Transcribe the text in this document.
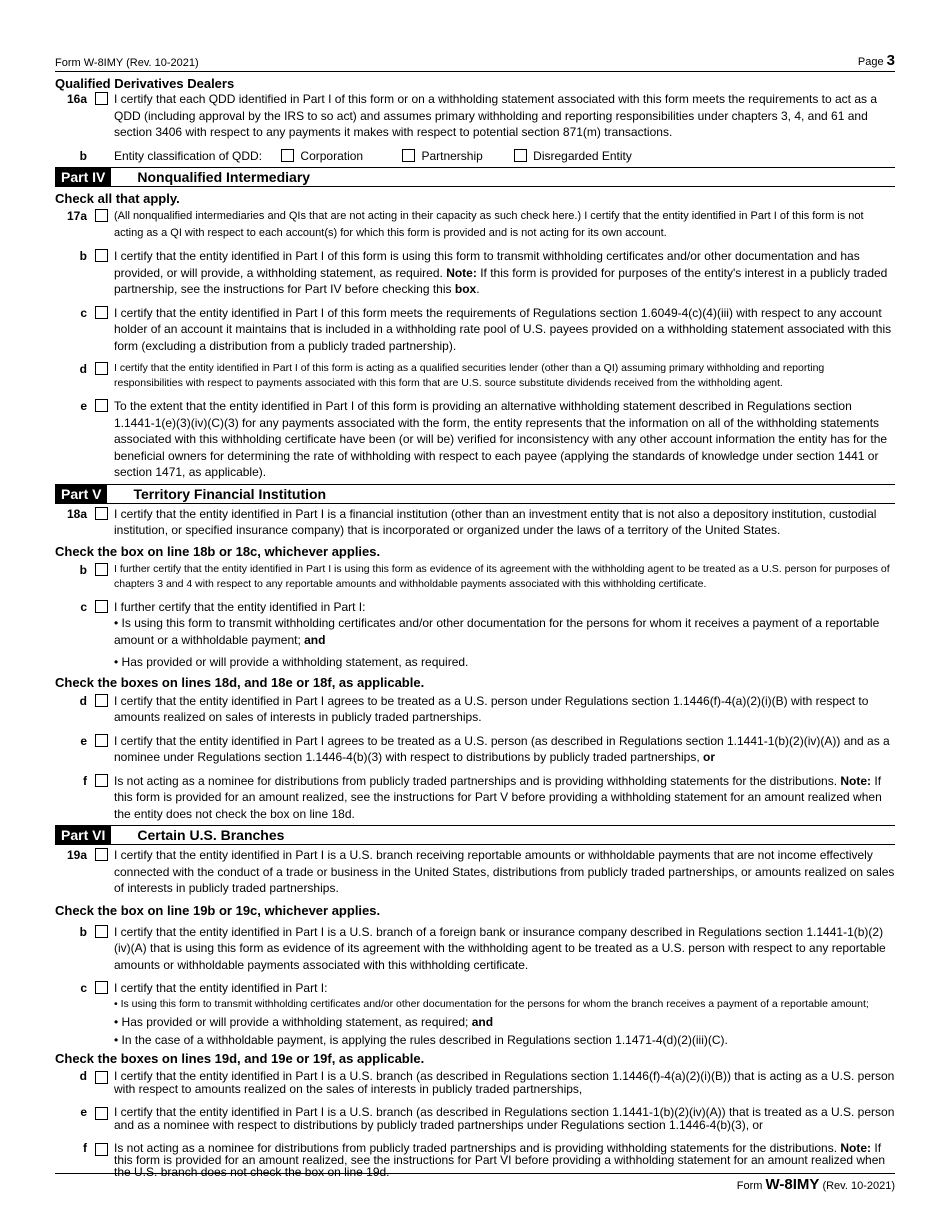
Form W-8IMY (Rev. 10-2021)	Page 3
Qualified Derivatives Dealers
16a	I certify that each QDD identified in Part I of this form or on a withholding statement associated with this form meets the requirements to act as a QDD (including approval by the IRS to so act) and assumes primary withholding and reporting responsibilities under chapters 3, 4, and 61 and section 3406 with respect to any payments it makes with respect to potential section 871(m) transactions.
b	Entity classification of QDD:	Corporation	Partnership	Disregarded Entity
Part IV	Nonqualified Intermediary
Check all that apply.
17a	(All nonqualified intermediaries and QIs that are not acting in their capacity as such check here.) I certify that the entity identified in Part I of this form is not acting as a QI with respect to each account(s) for which this form is provided and is not acting for its own account.
b	I certify that the entity identified in Part I of this form is using this form to transmit withholding certificates and/or other documentation and has provided, or will provide, a withholding statement, as required. Note: If this form is provided for purposes of the entity's interest in a publicly traded partnership, see the instructions for Part IV before checking this box.
c	I certify that the entity identified in Part I of this form meets the requirements of Regulations section 1.6049-4(c)(4)(iii) with respect to any account holder of an account it maintains that is included in a withholding rate pool of U.S. payees provided on a withholding statement associated with this form (excluding a distribution from a publicly traded partnership).
d	I certify that the entity identified in Part I of this form is acting as a qualified securities lender (other than a QI) assuming primary withholding and reporting responsibilities with respect to payments associated with this form that are U.S. source substitute dividends received from the withholding agent.
e	To the extent that the entity identified in Part I of this form is providing an alternative withholding statement described in Regulations section 1.1441-1(e)(3)(iv)(C)(3) for any payments associated with the form, the entity represents that the information on all of the withholding statements associated with this withholding certificate have been (or will be) verified for inconsistency with any other account information the entity has for the beneficial owners for determining the rate of withholding with respect to each payee (applying the standards of knowledge under section 1441 or section 1471, as applicable).
Part V	Territory Financial Institution
18a	I certify that the entity identified in Part I is a financial institution (other than an investment entity that is not also a depository institution, custodial institution, or specified insurance company) that is incorporated or organized under the laws of a territory of the United States.
Check the box on line 18b or 18c, whichever applies.
b	I further certify that the entity identified in Part I is using this form as evidence of its agreement with the withholding agent to be treated as a U.S. person for purposes of chapters 3 and 4 with respect to any reportable amounts and withholdable payments associated with this withholding certificate.
c	I further certify that the entity identified in Part I:
• Is using this form to transmit withholding certificates and/or other documentation for the persons for whom it receives a payment of a reportable amount or a withholdable payment; and
• Has provided or will provide a withholding statement, as required.
Check the boxes on lines 18d, and 18e or 18f, as applicable.
d	I certify that the entity identified in Part I agrees to be treated as a U.S. person under Regulations section 1.1446(f)-4(a)(2)(i)(B) with respect to amounts realized on sales of interests in publicly traded partnerships.
e	I certify that the entity identified in Part I agrees to be treated as a U.S. person (as described in Regulations section 1.1441-1(b)(2)(iv)(A)) and as a nominee under Regulations section 1.1446-4(b)(3) with respect to distributions by publicly traded partnerships, or
f	Is not acting as a nominee for distributions from publicly traded partnerships and is providing withholding statements for the distributions. Note: If this form is provided for an amount realized, see the instructions for Part V before providing a withholding statement for an amount realized when the entity does not check the box on line 18d.
Part VI	Certain U.S. Branches
19a	I certify that the entity identified in Part I is a U.S. branch receiving reportable amounts or withholdable payments that are not income effectively connected with the conduct of a trade or business in the United States, distributions from publicly traded partnerships, or amounts realized on sales of interests in publicly traded partnerships.
Check the box on line 19b or 19c, whichever applies.
b	I certify that the entity identified in Part I is a U.S. branch of a foreign bank or insurance company described in Regulations section 1.1441-1(b)(2)(iv)(A) that is using this form as evidence of its agreement with the withholding agent to be treated as a U.S. person with respect to any reportable amounts or withholdable payments associated with this withholding certificate.
c	I certify that the entity identified in Part I:
• Is using this form to transmit withholding certificates and/or other documentation for the persons for whom the branch receives a payment of a reportable amount;
• Has provided or will provide a withholding statement, as required; and
• In the case of a withholdable payment, is applying the rules described in Regulations section 1.1471-4(d)(2)(iii)(C).
Check the boxes on lines 19d, and 19e or 19f, as applicable.
d	I certify that the entity identified in Part I is a U.S. branch (as described in Regulations section 1.1446(f)-4(a)(2)(i)(B)) that is acting as a U.S. person with respect to amounts realized on the sales of interests in publicly traded partnerships,
e	I certify that the entity identified in Part I is a U.S. branch (as described in Regulations section 1.1441-1(b)(2)(iv)(A)) that is treated as a U.S. person and as a nominee with respect to distributions by publicly traded partnerships under Regulations section 1.1446-4(b)(3), or
f	Is not acting as a nominee for distributions from publicly traded partnerships and is providing withholding statements for the distributions. Note: If this form is provided for an amount realized, see the instructions for Part VI before providing a withholding statement for an amount realized when the U.S. branch does not check the box on line 19d.
Form W-8IMY (Rev. 10-2021)
